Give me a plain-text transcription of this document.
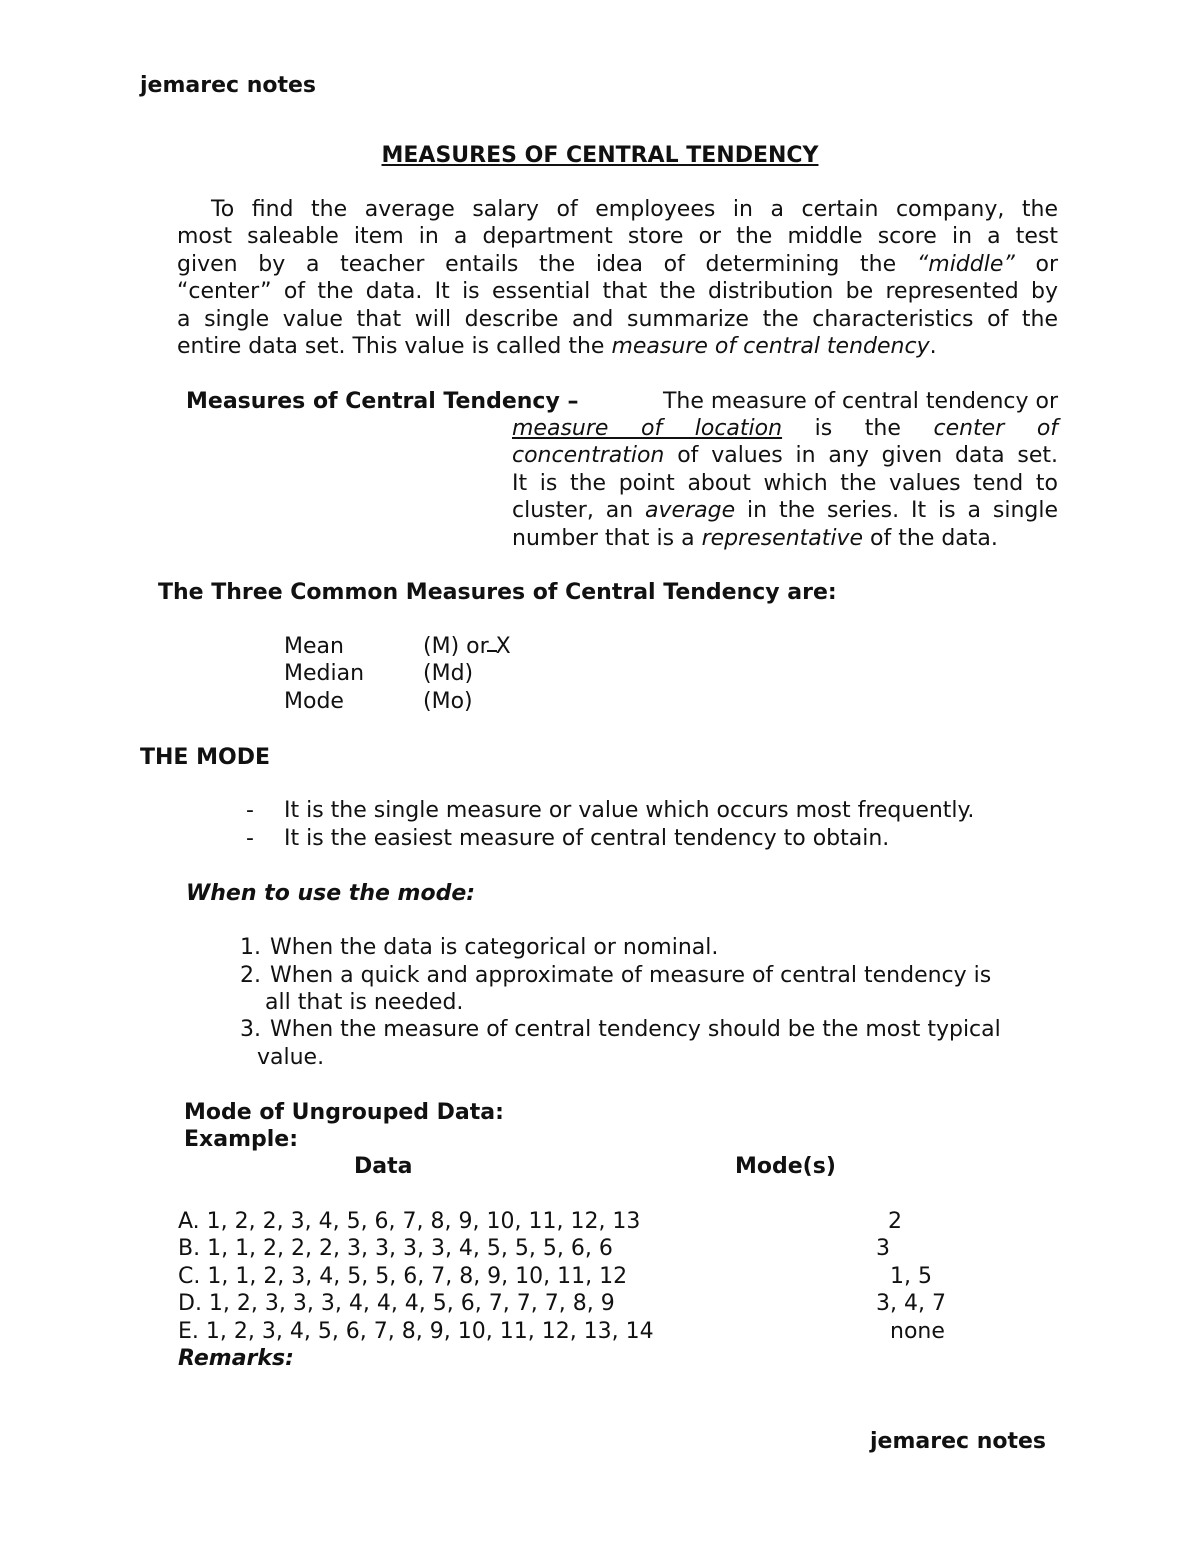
jemarec notes
MEASURES OF CENTRAL TENDENCY
To find the average salary of employees in a certain company, the
most saleable item in a department store or the middle score in a test
given by a teacher entails the idea of determining the “middle” or
“center” of the data. It is essential that the distribution be represented by
a single value that will describe and summarize the characteristics of the
entire data set. This value is called the measure of central tendency.
Measures of Central Tendency –	The measure of central tendency or
measure of location is the center of
concentration of values in any given data set.
It is the point about which the values tend to
cluster, an average in the series. It is a single
number that is a representative of the data.
The Three Common Measures of Central Tendency are:
Mean	(M) or X
Median	(Md)
Mode	(Mo)
THE MODE
- It is the single measure or value which occurs most frequently.
- It is the easiest measure of central tendency to obtain.
When to use the mode:
1. When the data is categorical or nominal.
2. When a quick and approximate of measure of central tendency is
all that is needed.
3. When the measure of central tendency should be the most typical
value.
Mode of Ungrouped Data:
Example:
Data	Mode(s)
A. 1, 2, 2, 3, 4, 5, 6, 7, 8, 9, 10, 11, 12, 13	2
B. 1, 1, 2, 2, 2, 3, 3, 3, 3, 4, 5, 5, 5, 6, 6	3
C. 1, 1, 2, 3, 4, 5, 5, 6, 7, 8, 9, 10, 11, 12	1, 5
D. 1, 2, 3, 3, 3, 4, 4, 4, 5, 6, 7, 7, 7, 8, 9	3, 4, 7
E. 1, 2, 3, 4, 5, 6, 7, 8, 9, 10, 11, 12, 13, 14	none
Remarks:
jemarec notes
